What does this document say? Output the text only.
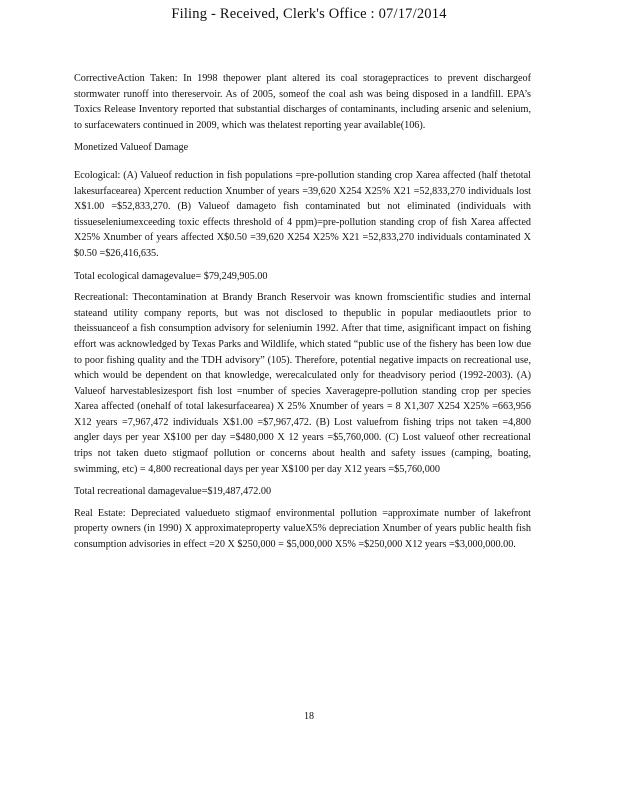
Filing - Received, Clerk's Office : 07/17/2014

CorrectiveAction Taken: In 1998 thepower plant altered its coal storagepractices to prevent dischargeof stormwater runoff into thereservoir. As of 2005, someof the coal ash was being disposed in a landfill. EPA’s Toxics Release Inventory reported that substantial discharges of contaminants, including arsenic and selenium, to surfacewaters continued in 2009, which was thelatest reporting year available(106).

Monetized Valueof Damage

Ecological: (A) Valueof reduction in fish populations =pre-pollution standing crop Xarea affected (half thetotal lakesurfacearea) Xpercent reduction Xnumber of years =39,620 X254 X25% X21 =52,833,270 individuals lost X$1.00 =$52,833,270. (B) Valueof damageto fish contaminated but not eliminated (individuals with tissueseleniumexceeding toxic effects threshold of 4 ppm)=pre-pollution standing crop of fish Xarea affected X25% Xnumber of years affected X$0.50 =39,620 X254 X25% X21 =52,833,270 individuals contaminated X $0.50 =$26,416,635.

Total ecological damagevalue= $79,249,905.00

Recreational: Thecontamination at Brandy Branch Reservoir was known fromscientific studies and internal stateand utility company reports, but was not disclosed to thepublic in popular mediaoutlets prior to theissuanceof a fish consumption advisory for seleniumin 1992. After that time, asignificant impact on fishing effort was acknowledged by Texas Parks and Wildlife, which stated “public use of the fishery has been low due to poor fishing quality and the TDH advisory” (105). Therefore, potential negative impacts on recreational use, which would be dependent on that knowledge, werecalculated only for theadvisory period (1992-2003). (A) Valueof harvestablesizesport fish lost =number of species Xaveragepre-pollution standing crop per species Xarea affected (onehalf of total lakesurfacearea) X 25% Xnumber of years = 8 X1,307 X254 X25% =663,956 X12 years =7,967,472 individuals X$1.00 =$7,967,472. (B) Lost valuefrom fishing trips not taken =4,800 angler days per year X$100 per day =$480,000 X 12 years =$5,760,000. (C) Lost valueof other recreational trips not taken dueto stigmaof pollution or concerns about health and safety issues (camping, boating, swimming, etc) = 4,800 recreational days per year X$100 per day X12 years =$5,760,000

Total recreational damagevalue=$19,487,472.00

Real Estate: Depreciated valuedueto stigmaof environmental pollution =approximate number of lakefront property owners (in 1990) X approximateproperty valueX5% depreciation Xnumber of years public health fish consumption advisories in effect =20 X $250,000 = $5,000,000 X5% =$250,000 X12 years =$3,000,000.00.

18
